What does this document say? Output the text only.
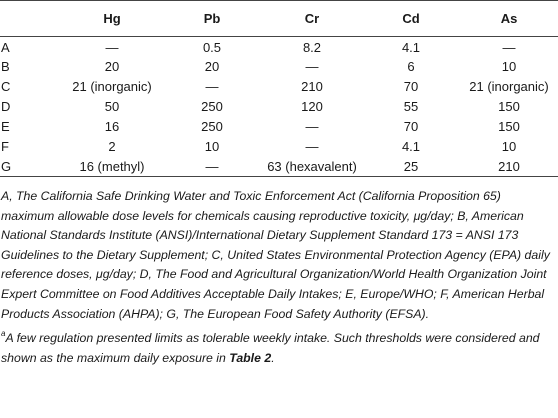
	Hg	Pb	Cr	Cd	As
A	—	0.5	8.2	4.1	—
B	20	20	—	6	10
C	21 (inorganic)	—	210	70	21 (inorganic)
D	50	250	120	55	150
E	16	250	—	70	150
F	2	10	—	4.1	10
G	16 (methyl)	—	63 (hexavalent)	25	210
A, The California Safe Drinking Water and Toxic Enforcement Act (California Proposition 65) maximum allowable dose levels for chemicals causing reproductive toxicity, μg/day; B, American National Standards Institute (ANSI)/International Dietary Supplement Standard 173 = ANSI 173 Guidelines to the Dietary Supplement; C, United States Environmental Protection Agency (EPA) daily reference doses, μg/day; D, The Food and Agricultural Organization/World Health Organization Joint Expert Committee on Food Additives Acceptable Daily Intakes; E, Europe/WHO; F, American Herbal Products Association (AHPA); G, The European Food Safety Authority (EFSA).
$^a$A few regulation presented limits as tolerable weekly intake. Such thresholds were considered and shown as the maximum daily exposure in Table 2.
